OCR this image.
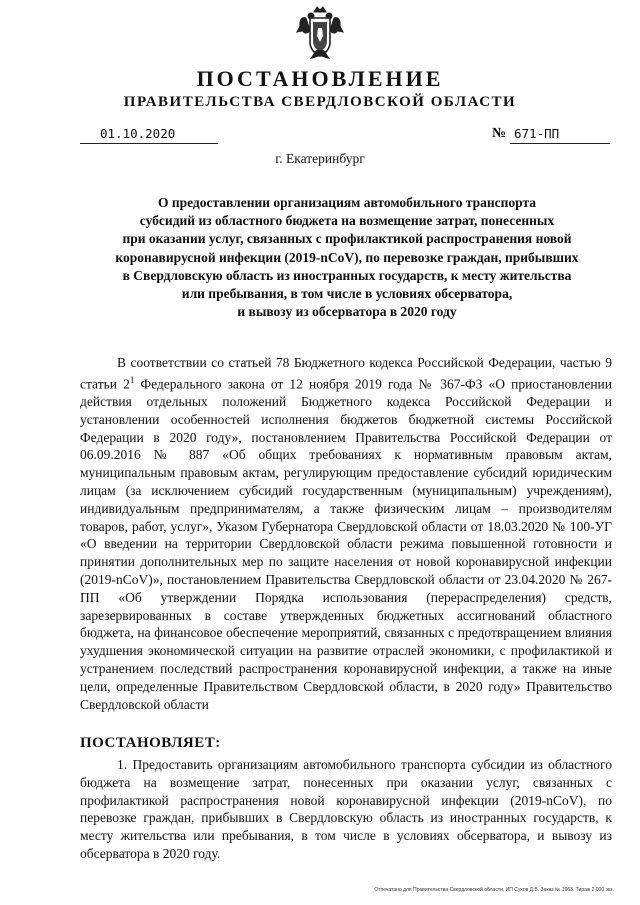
ПОСТАНОВЛЕНИЕ
ПРАВИТЕЛЬСТВА СВЕРДЛОВСКОЙ ОБЛАСТИ
01.10.2020	№ 671-ПП
г. Екатеринбург
О предоставлении организациям автомобильного транспорта
субсидий из областного бюджета на возмещение затрат, понесенных
при оказании услуг, связанных с профилактикой распространения новой
коронавирусной инфекции (2019-nCoV), по перевозке граждан, прибывших
в Свердловскую область из иностранных государств, к месту жительства
или пребывания, в том числе в условиях обсерватора,
и вывозу из обсерватора в 2020 году

В соответствии со статьей 78 Бюджетного кодекса Российской Федерации, частью 9 статьи $2^1$ Федерального закона от 12 ноября 2019 года № 367-ФЗ «О приостановлении действия отдельных положений Бюджетного кодекса Российской Федерации и установлении особенностей исполнения бюджетов бюджетной системы Российской Федерации в 2020 году», постановлением Правительства Российской Федерации от 06.09.2016 № 887 «Об общих требованиях к нормативным правовым актам, муниципальным правовым актам, регулирующим предоставление субсидий юридическим лицам (за исключением субсидий государственным (муниципальным) учреждениям), индивидуальным предпринимателям, а также физическим лицам – производителям товаров, работ, услуг», Указом Губернатора Свердловской области от 18.03.2020 № 100-УГ «О введении на территории Свердловской области режима повышенной готовности и принятии дополнительных мер по защите населения от новой коронавирусной инфекции (2019-nCoV)», постановлением Правительства Свердловской области от 23.04.2020 № 267-ПП «Об утверждении Порядка использования (перераспределения) средств, зарезервированных в составе утвержденных бюджетных ассигнований областного бюджета, на финансовое обеспечение мероприятий, связанных с предотвращением влияния ухудшения экономической ситуации на развитие отраслей экономики, с профилактикой и устранением последствий распространения коронавирусной инфекции, а также на иные цели, определенные Правительством Свердловской области, в 2020 году» Правительство Свердловской области

ПОСТАНОВЛЯЕТ:

1. Предоставить организациям автомобильного транспорта субсидии из областного бюджета на возмещение затрат, понесенных при оказании услуг, связанных с профилактикой распространения новой коронавирусной инфекции (2019-nCoV), по перевозке граждан, прибывших в Свердловскую область из иностранных государств, к месту жительства или пребывания, в том числе в условиях обсерватора, и вывозу из обсерватора в 2020 году.

Отпечатано для Правительства Свердловской области. ИП Сухов Д.В. Заказ № 1963. Тираж 2 000 экз.
